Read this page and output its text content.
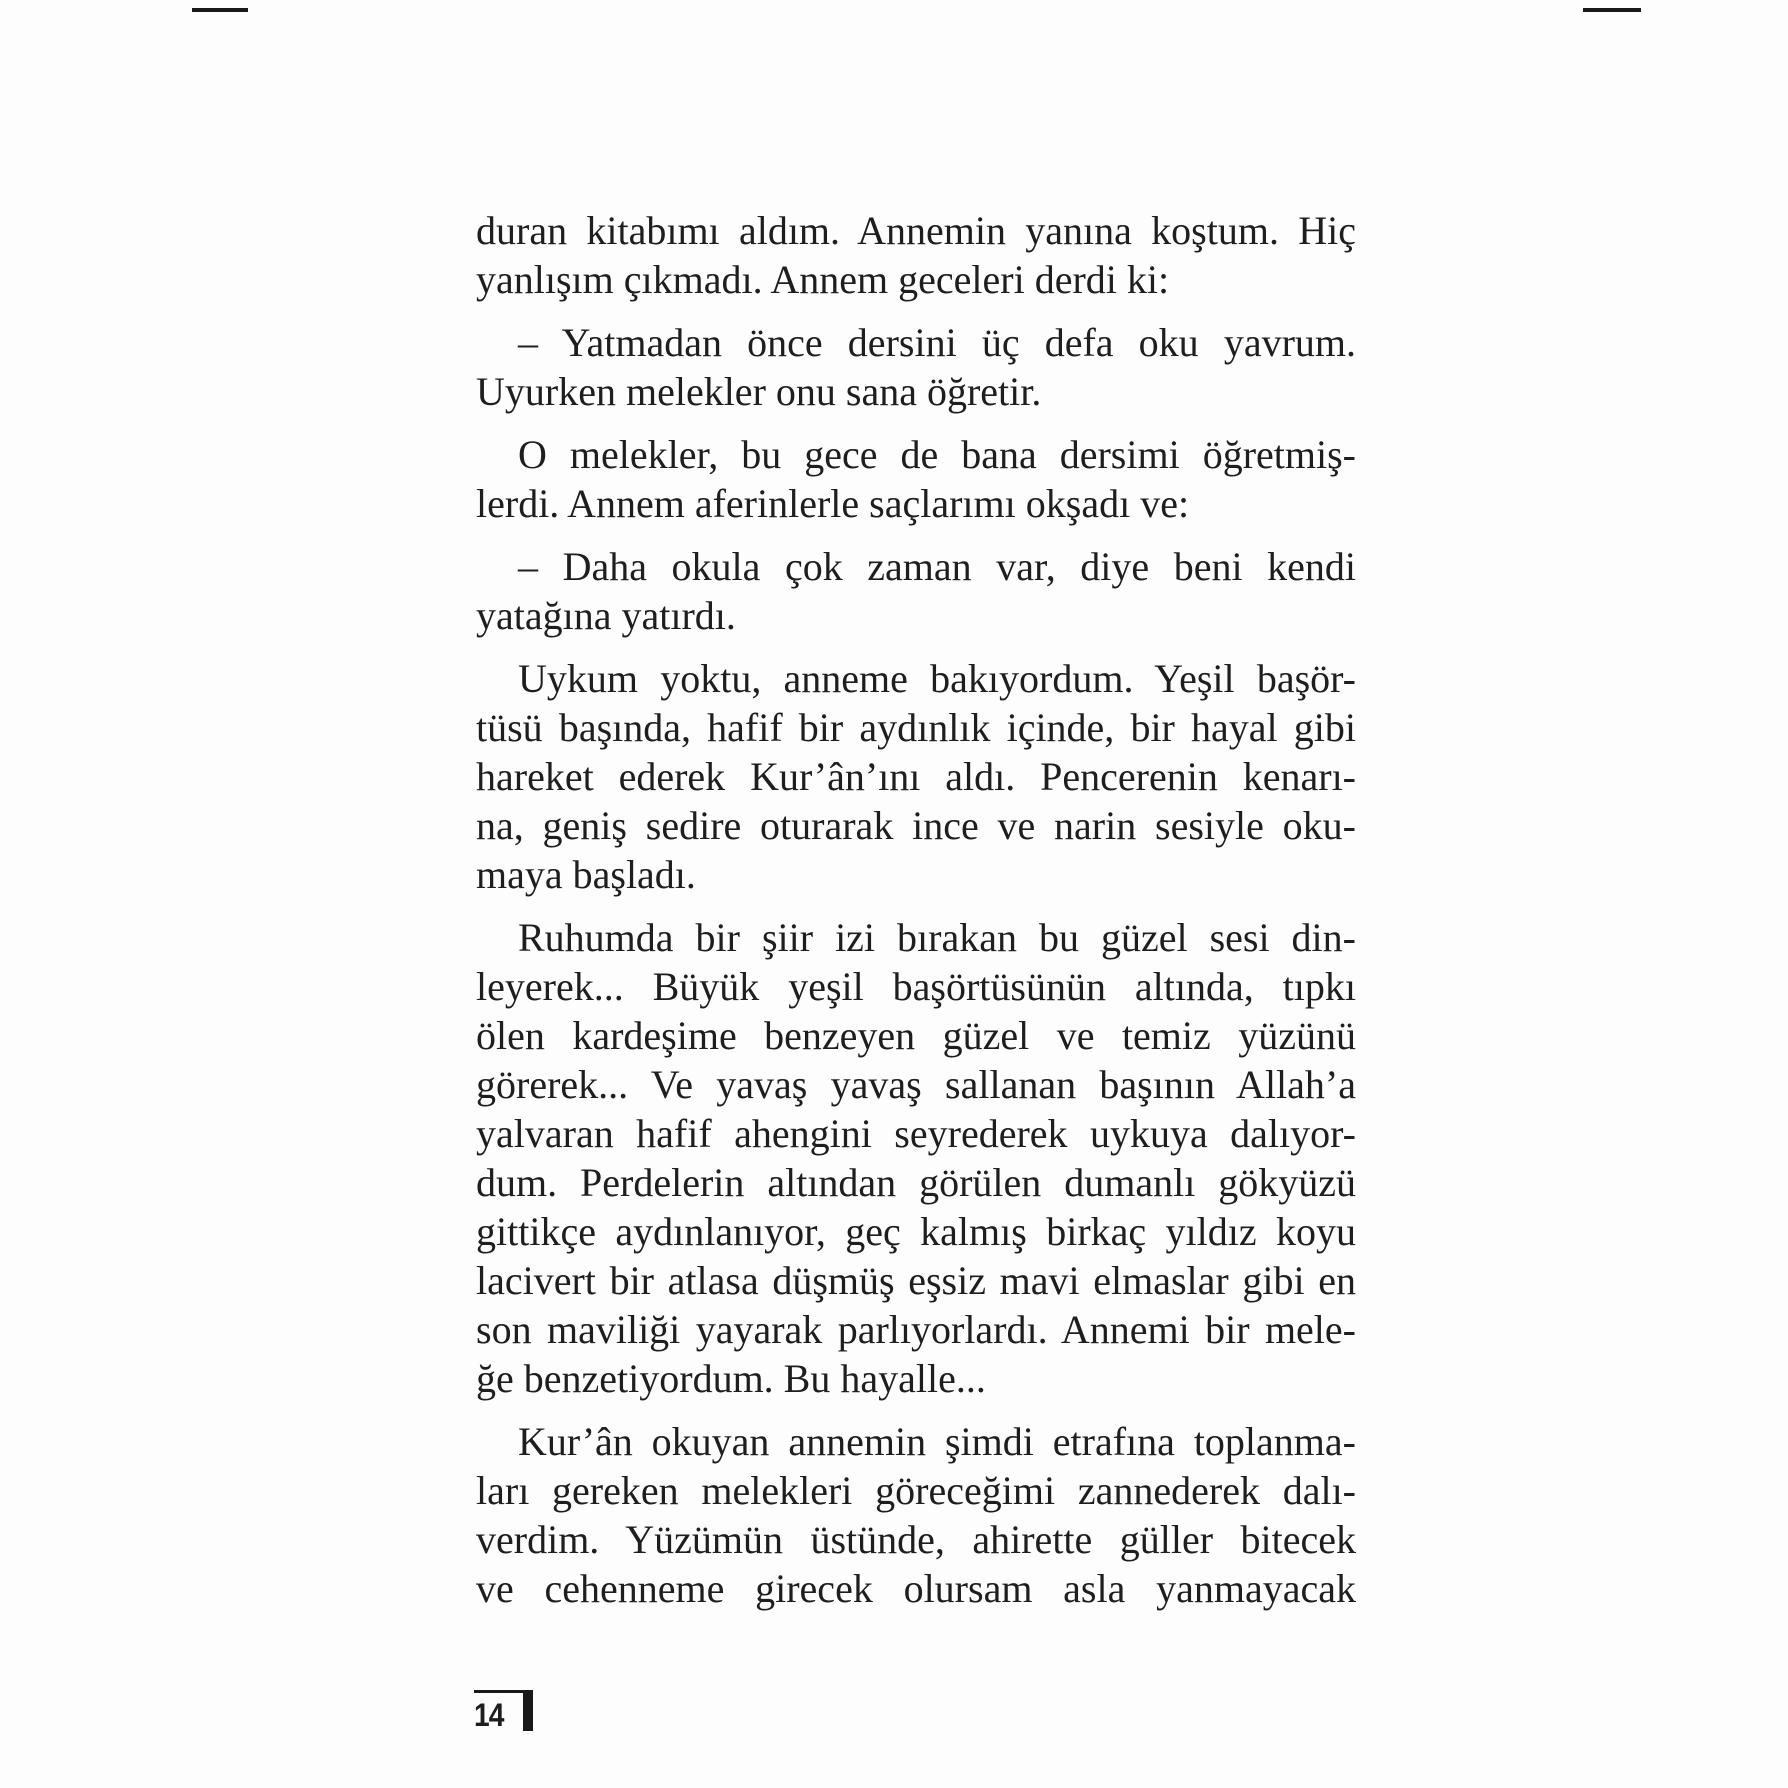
duran kitabımı aldım. Annemin yanına koştum. Hiç
yanlışım çıkmadı. Annem geceleri derdi ki:
– Yatmadan önce dersini üç defa oku yavrum.
Uyurken melekler onu sana öğretir.
O melekler, bu gece de bana dersimi öğretmiş-
lerdi. Annem aferinlerle saçlarımı okşadı ve:
– Daha okula çok zaman var, diye beni kendi
yatağına yatırdı.
Uykum yoktu, anneme bakıyordum. Yeşil başör-
tüsü başında, hafif bir aydınlık içinde, bir hayal gibi
hareket ederek Kur’ân’ını aldı. Pencerenin kenarı-
na, geniş sedire oturarak ince ve narin sesiyle oku-
maya başladı.
Ruhumda bir şiir izi bırakan bu güzel sesi din-
leyerek... Büyük yeşil başörtüsünün altında, tıpkı
ölen kardeşime benzeyen güzel ve temiz yüzünü
görerek... Ve yavaş yavaş sallanan başının Allah’a
yalvaran hafif ahengini seyrederek uykuya dalıyor-
dum. Perdelerin altından görülen dumanlı gökyüzü
gittikçe aydınlanıyor, geç kalmış birkaç yıldız koyu
lacivert bir atlasa düşmüş eşsiz mavi elmaslar gibi en
son maviliği yayarak parlıyorlardı. Annemi bir mele-
ğe benzetiyordum. Bu hayalle...
Kur’ân okuyan annemin şimdi etrafına toplanma-
ları gereken melekleri göreceğimi zannederek dalı-
verdim. Yüzümün üstünde, ahirette güller bitecek
ve cehenneme girecek olursam asla yanmayacak
14
